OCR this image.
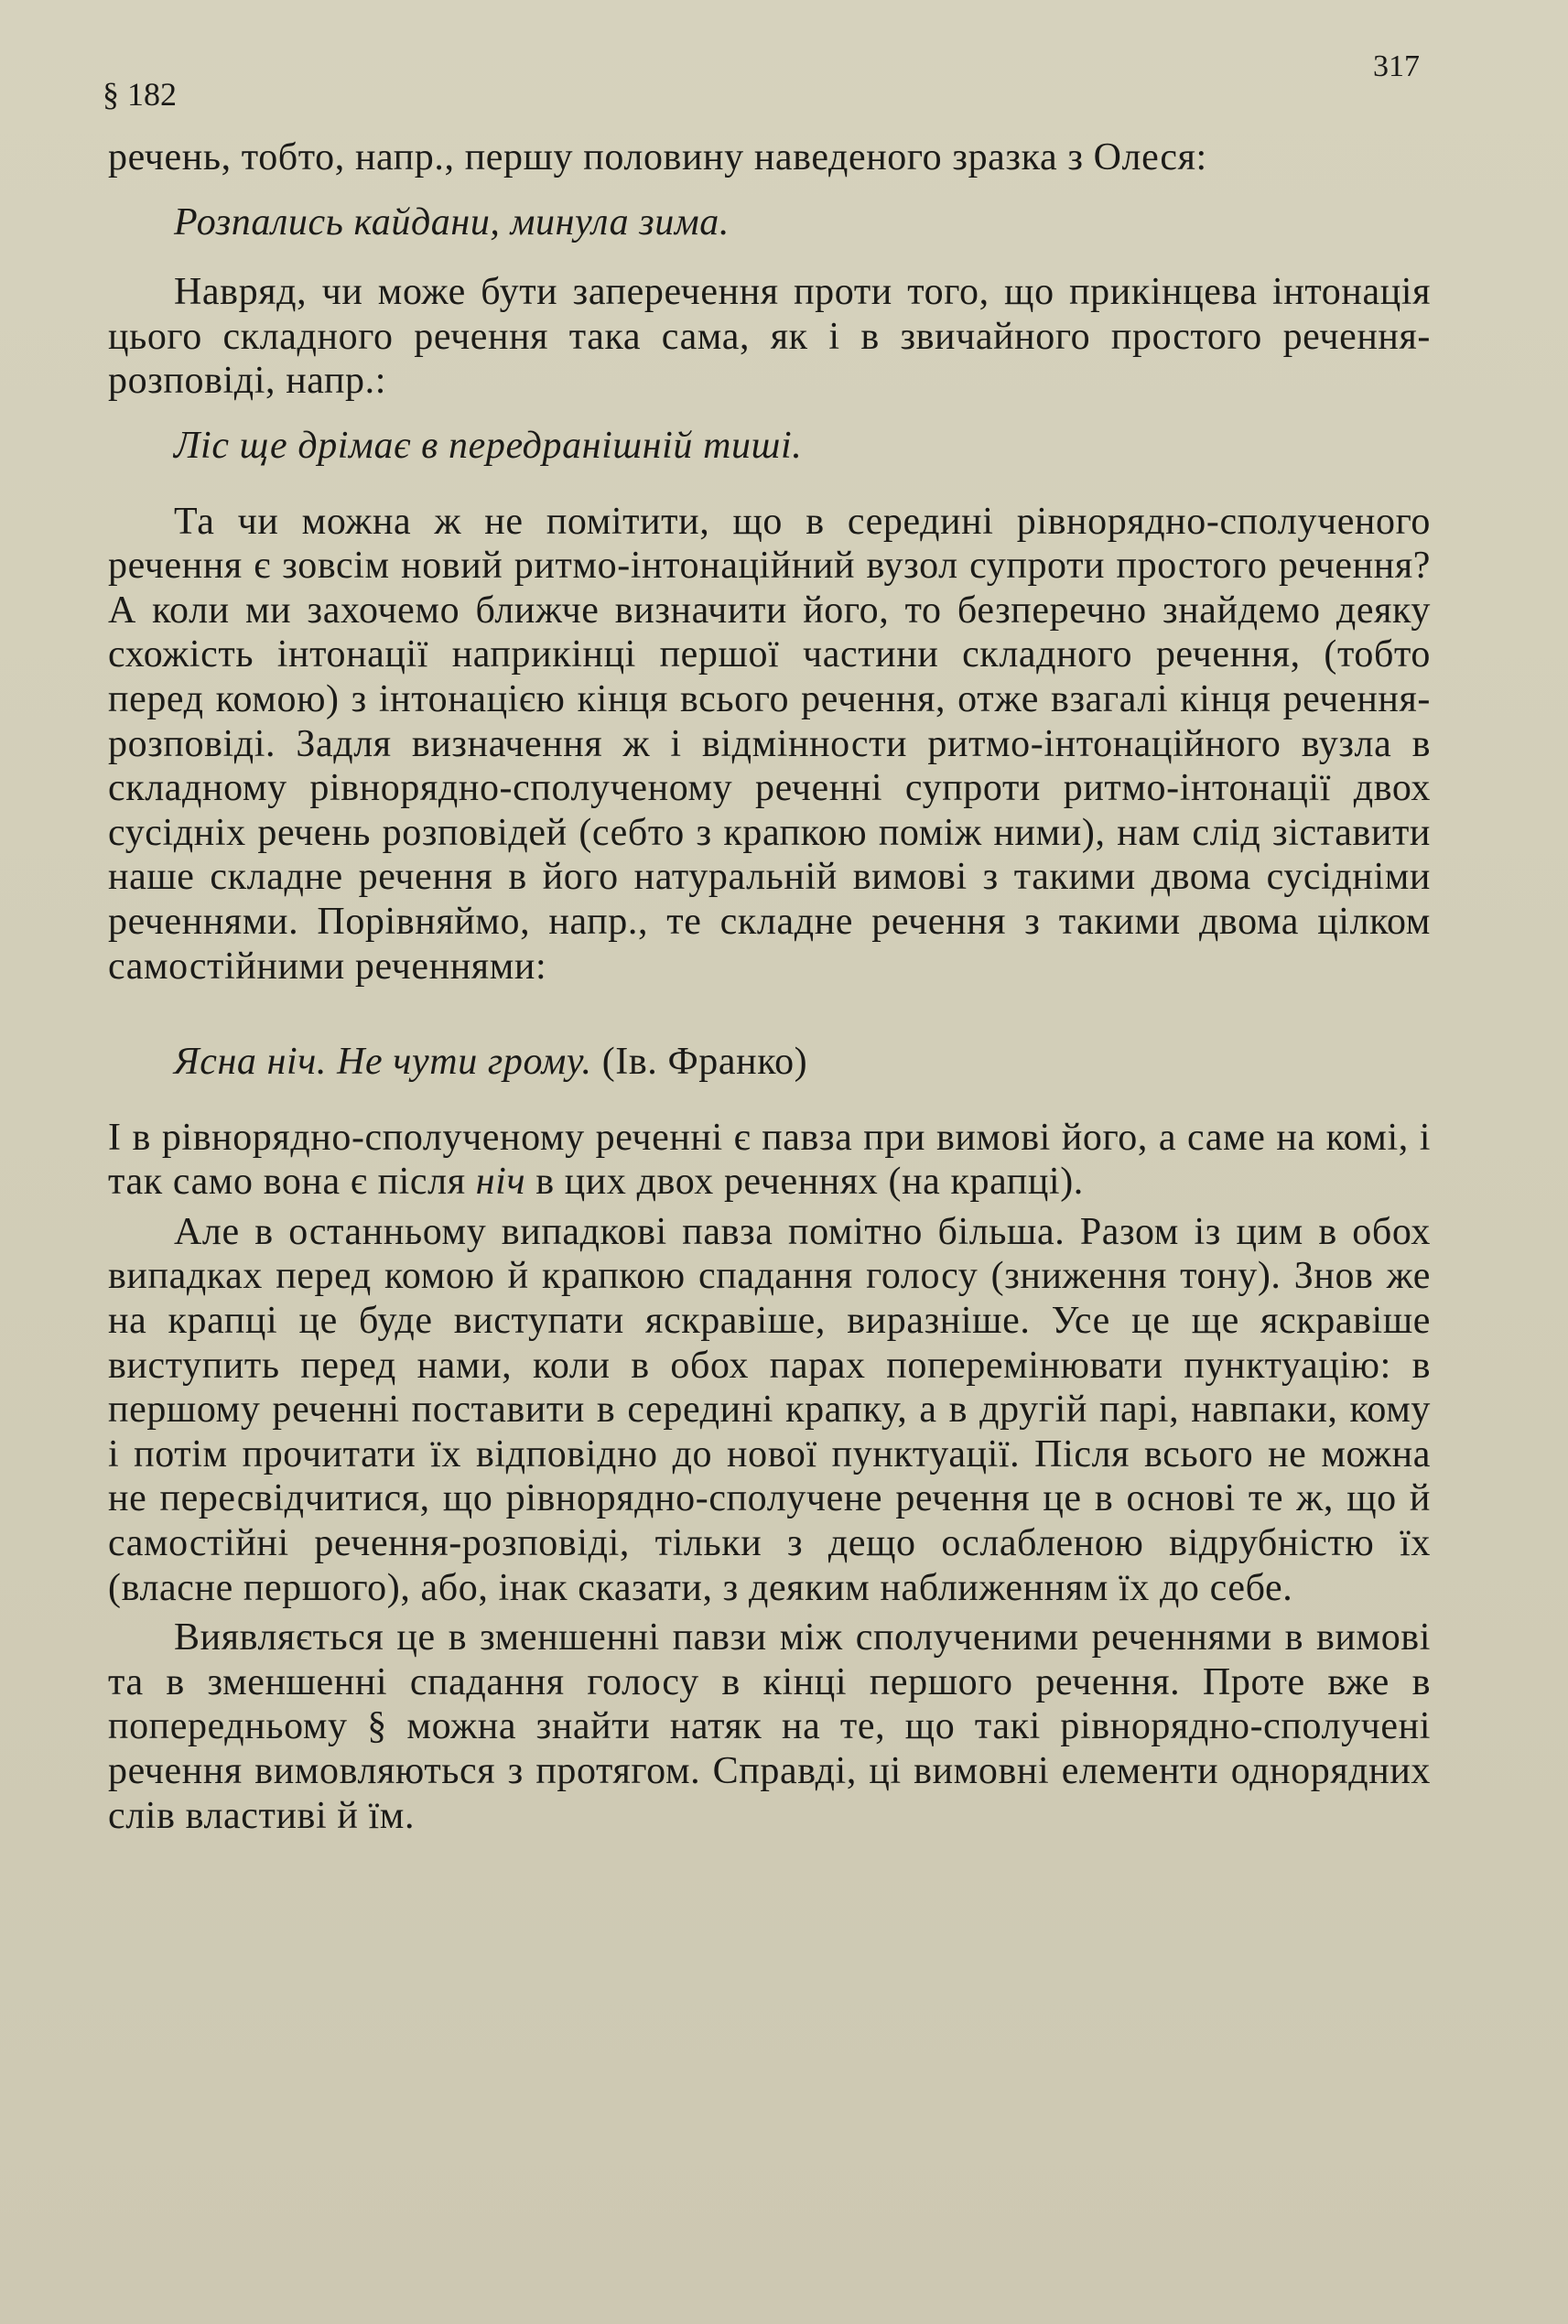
§ 182
317

речень, тобто, напр., першу половину наведеного зразка з Олеся:

Розпались кайдани, минула зима.

Навряд, чи може бути заперечення проти того, що прикінцева інтонація цього складного речення така сама, як і в звичайного простого речення-розповіді, напр.:

Ліс ще дрімає в передранішній тиші.

Та чи можна ж не помітити, що в середині рівнорядно-сполученого речення є зовсім новий ритмо-інтонаційний вузол супроти простого речення? А коли ми захочемо ближче визначити його, то безперечно знайдемо деяку схожість інтонації наприкінці першої частини складного речення, (тобто перед комою) з інтонацією кінця всього речення, отже взагалі кінця речення-розповіді. Задля визначення ж і відмінности ритмо-інтонаційного вузла в складному рівнорядно-сполученому реченні супроти ритмо-інтонації двох сусідніх речень розповідей (себто з крапкою поміж ними), нам слід зіставити наше складне речення в його натуральній вимові з такими двома сусідніми реченнями. Порівняймо, напр., те складне речення з такими двома цілком самостійними реченнями:

Ясна ніч. Не чути грому. (Ів. Франко)

І в рівнорядно-сполученому реченні є павза при вимові його, а саме на комі, і так само вона є після ніч в цих двох реченнях (на крапці).

Але в останньому випадкові павза помітно більша. Разом із цим в обох випадках перед комою й крапкою спадання голосу (зниження тону). Знов же на крапці це буде виступати яскравіше, виразніше. Усе це ще яскравіше виступить перед нами, коли в обох парах поперемінювати пунктуацію: в першому реченні поставити в середині крапку, а в другій парі, навпаки, кому і потім прочитати їх відповідно до нової пунктуації. Після всього не можна не пересвідчитися, що рівнорядно-сполучене речення це в основі те ж, що й самостійні речення-розповіді, тільки з дещо ослабленою відрубністю їх (власне першого), або, інак сказати, з деяким наближенням їх до себе.

Виявляється це в зменшенні павзи між сполученими реченнями в вимові та в зменшенні спадання голосу в кінці першого речення. Проте вже в попередньому § можна знайти натяк на те, що такі рівнорядно-сполучені речення вимовляються з протягом. Справді, ці вимовні елементи однорядних слів властиві й їм.
